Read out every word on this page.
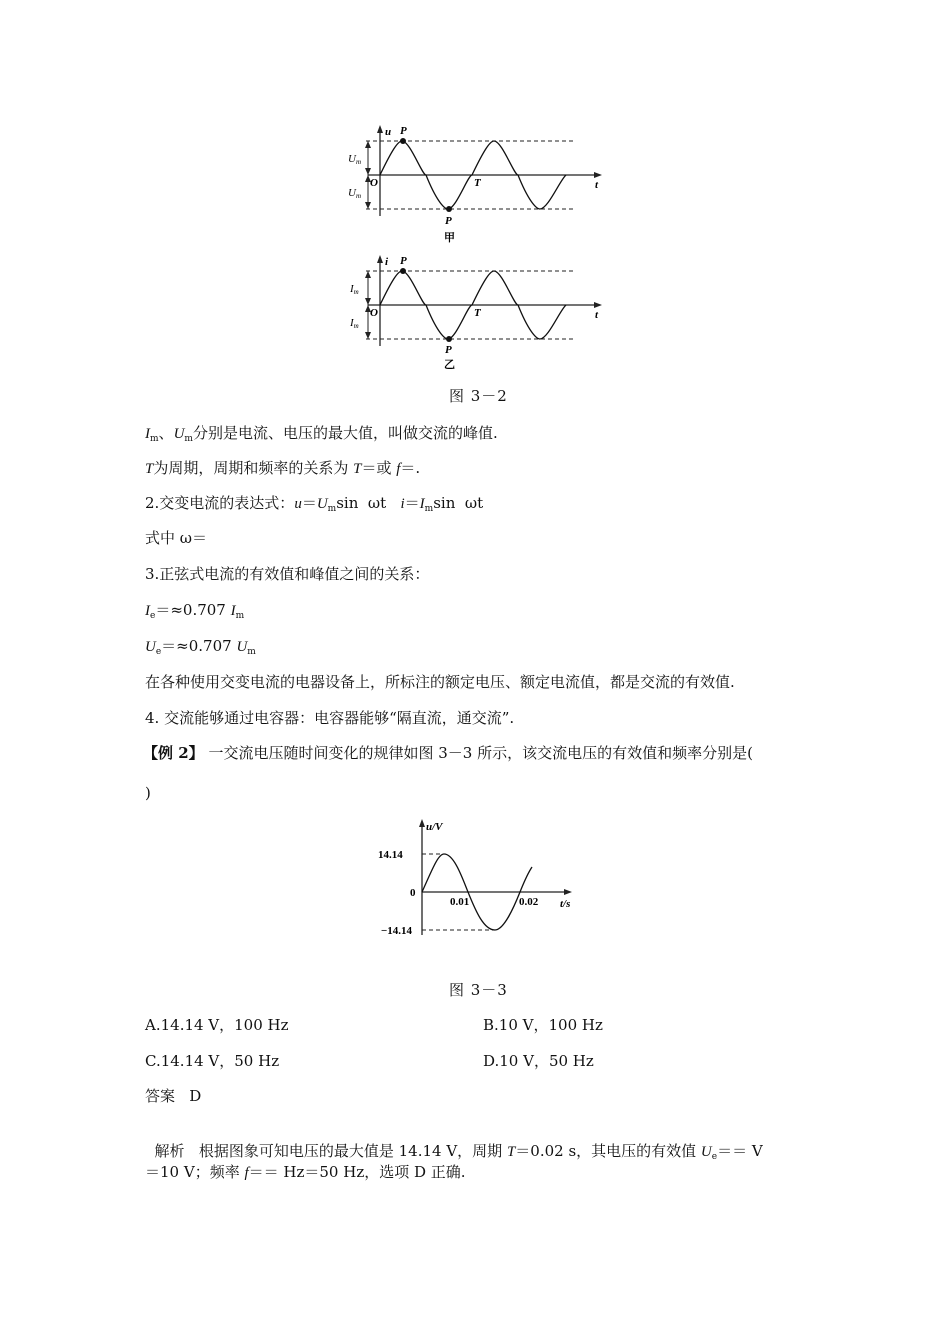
u P
P
O	T	t
Um
Um
甲
i P
P
O	T	t
Im
Im
乙
图 3－2
$I_m$、$U_m$分别是电流、电压的最大值，叫做交流的峰值.
T为周期，周期和频率的关系为 T＝或 f＝.
2.交变电流的表达式：$u=U_m\sin$  ωt   $i=I_m\sin$  ωt
式中 ω＝
3.正弦式电流的有效值和峰值之间的关系：
$I_e=\approx 0.707$ $I_m$
$U_e=\approx 0.707$ $U_m$
在各种使用交变电流的电器设备上，所标注的额定电压、额定电流值，都是交流的有效值.
4. 交流能够通过电容器：电容器能够“隔直流，通交流”.
【例 2】 一交流电压随时间变化的规律如图 3－3 所示，该交流电压的有效值和频率分别是(
)
u/V
14.14
0
−14.14
0.01	0.02 t/s
图 3－3
A.14.14 V，100 Hz	B.10 V，100 Hz
C.14.14 V，50 Hz	D.10 V，50 Hz
答案   D

解析   根据图象可知电压的最大值是 14.14 V，周期 T＝0.02 s，其电压的有效值 $U_e== V$

＝10 V；频率 f＝＝ Hz＝50 Hz，选项 D 正确.
